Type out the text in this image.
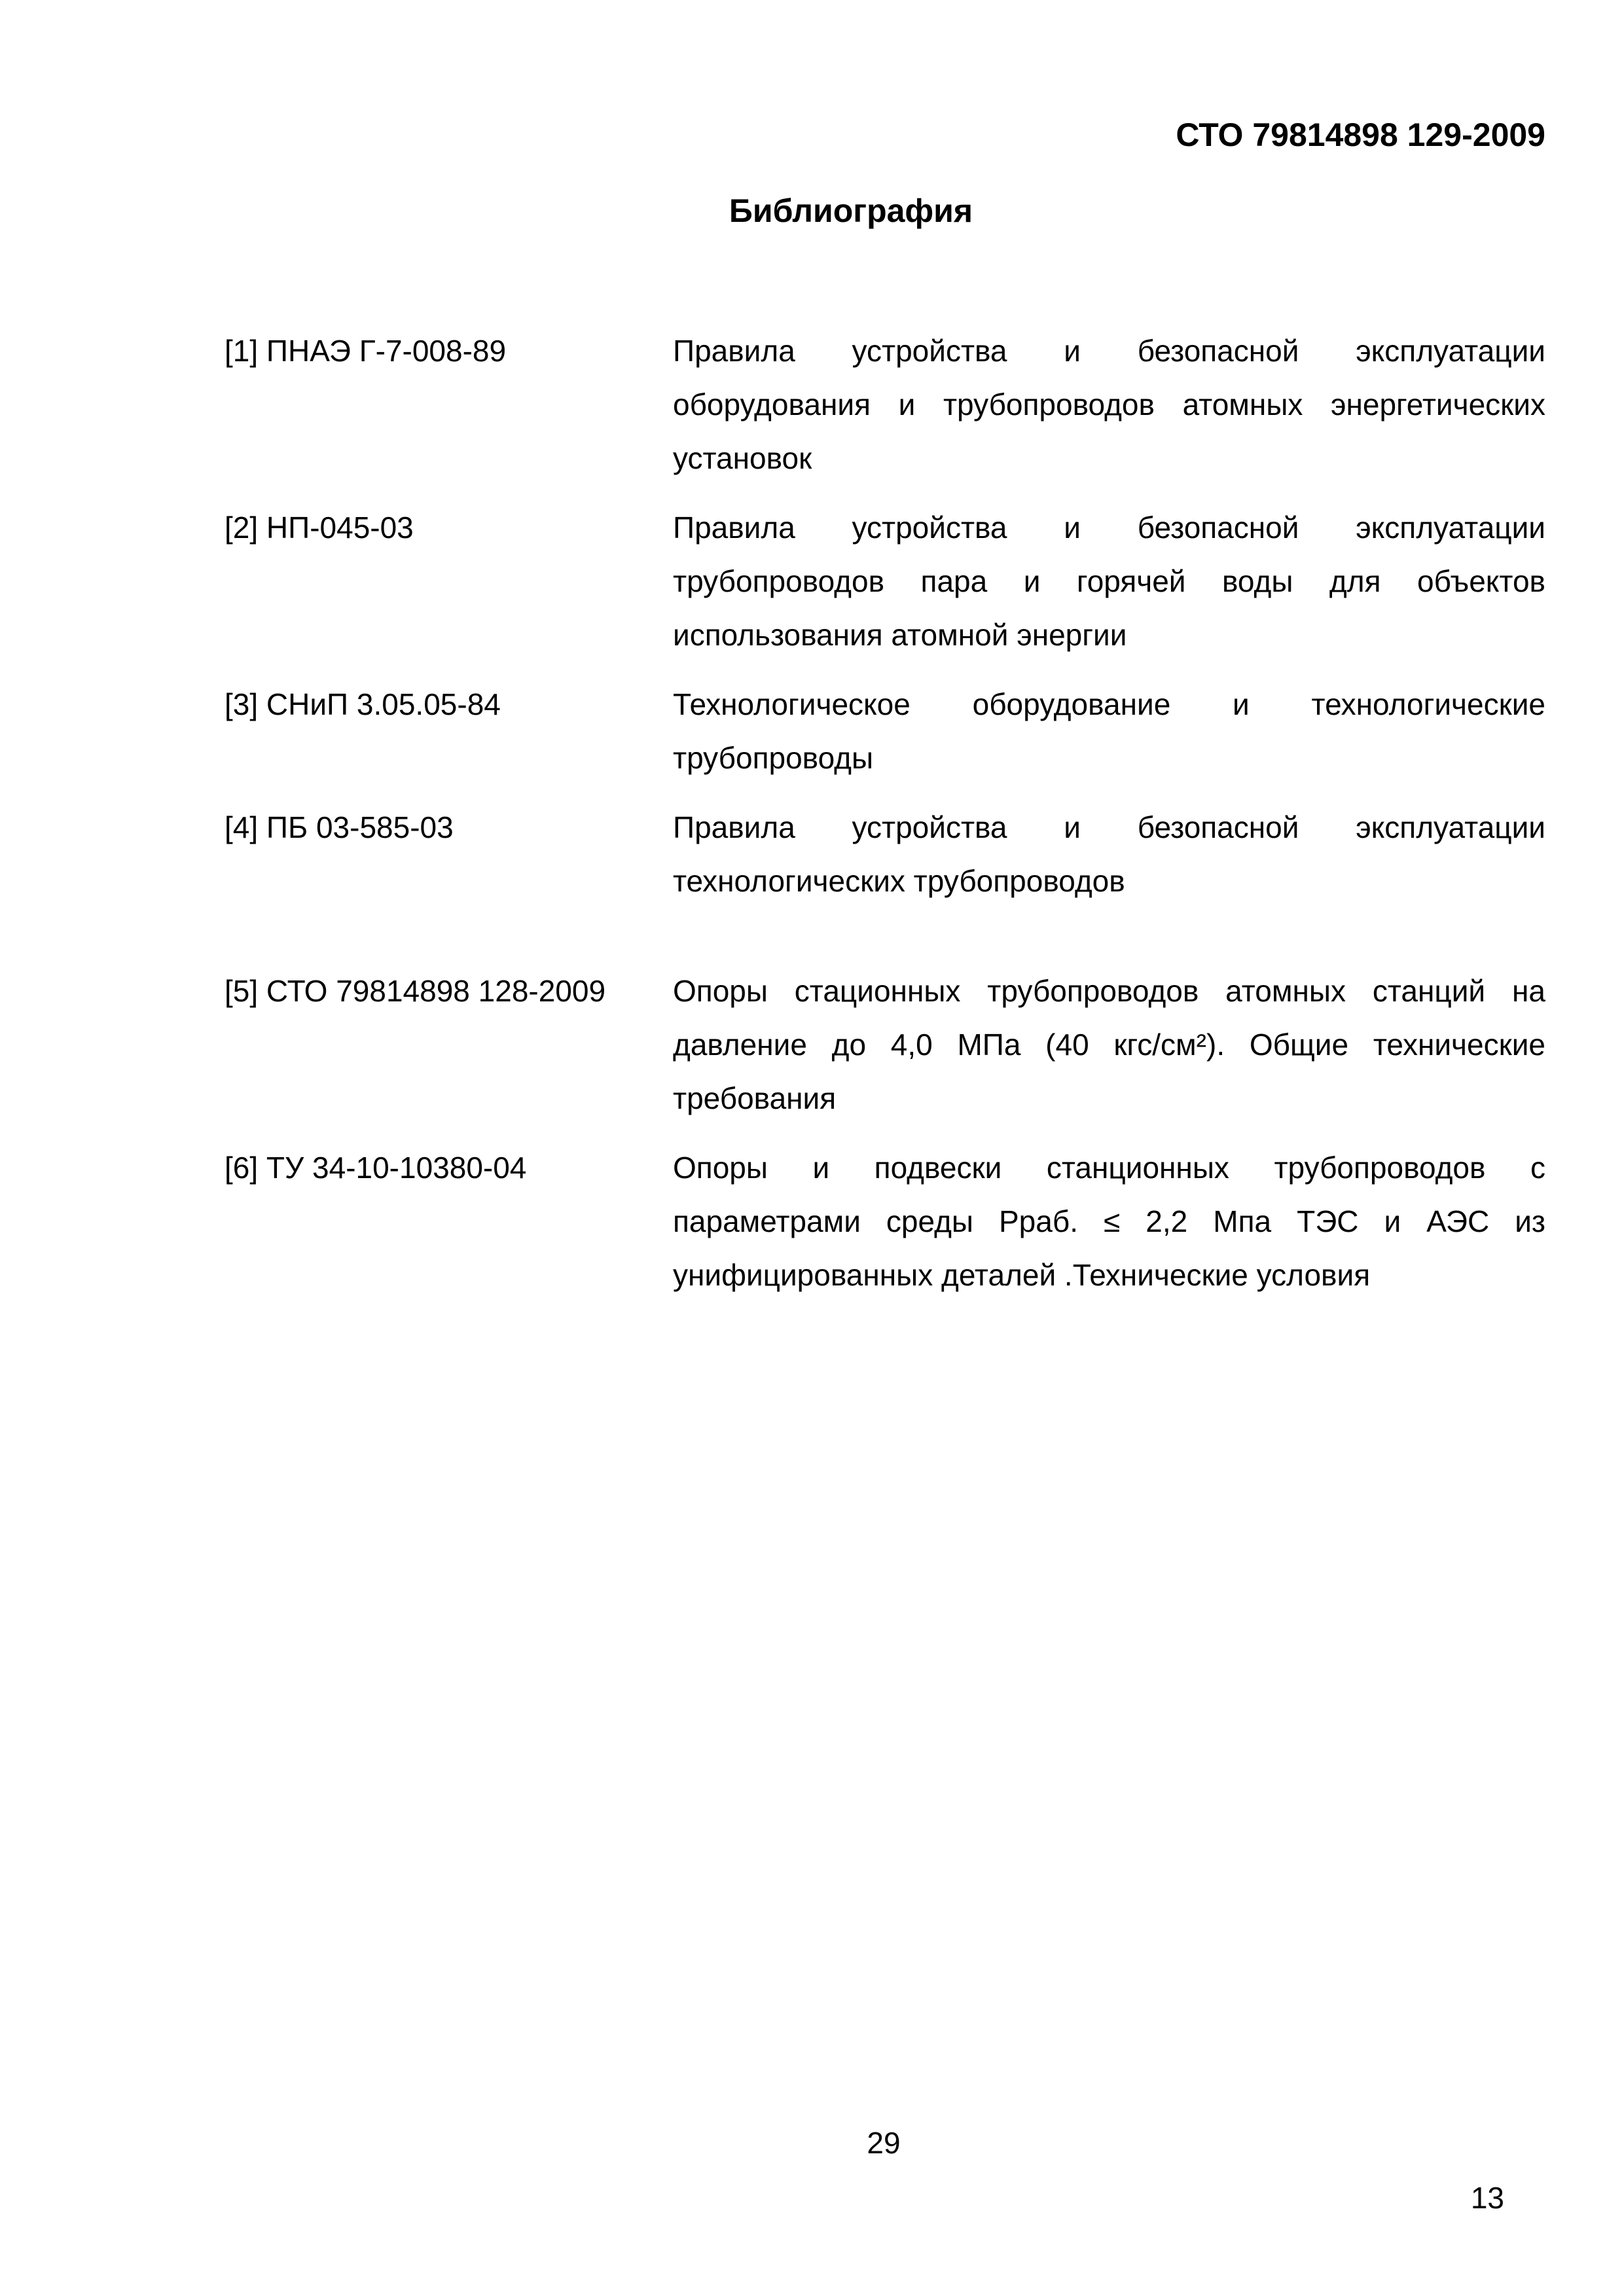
СТО 79814898 129-2009
Библиография
[1] ПНАЭ Г-7-008-89	Правила устройства и безопасной эксплуатации оборудования и трубопроводов атомных энергетических установок
[2] НП-045-03	Правила устройства и безопасной эксплуатации трубопроводов пара и горячей воды для объектов использования атомной энергии
[3] СНиП 3.05.05-84	Технологическое оборудование и технологические трубопроводы
[4] ПБ 03-585-03	Правила устройства и безопасной эксплуатации технологических трубопроводов
[5] СТО 79814898 128-2009	Опоры стационных трубопроводов атомных станций на давление до 4,0 МПа (40 кгс/см²). Общие технические требования
[6] ТУ 34-10-10380-04	Опоры и подвески станционных трубопроводов с параметрами среды Рраб. ≤ 2,2 Мпа ТЭС и АЭС из унифицированных деталей .Технические условия
29
13
